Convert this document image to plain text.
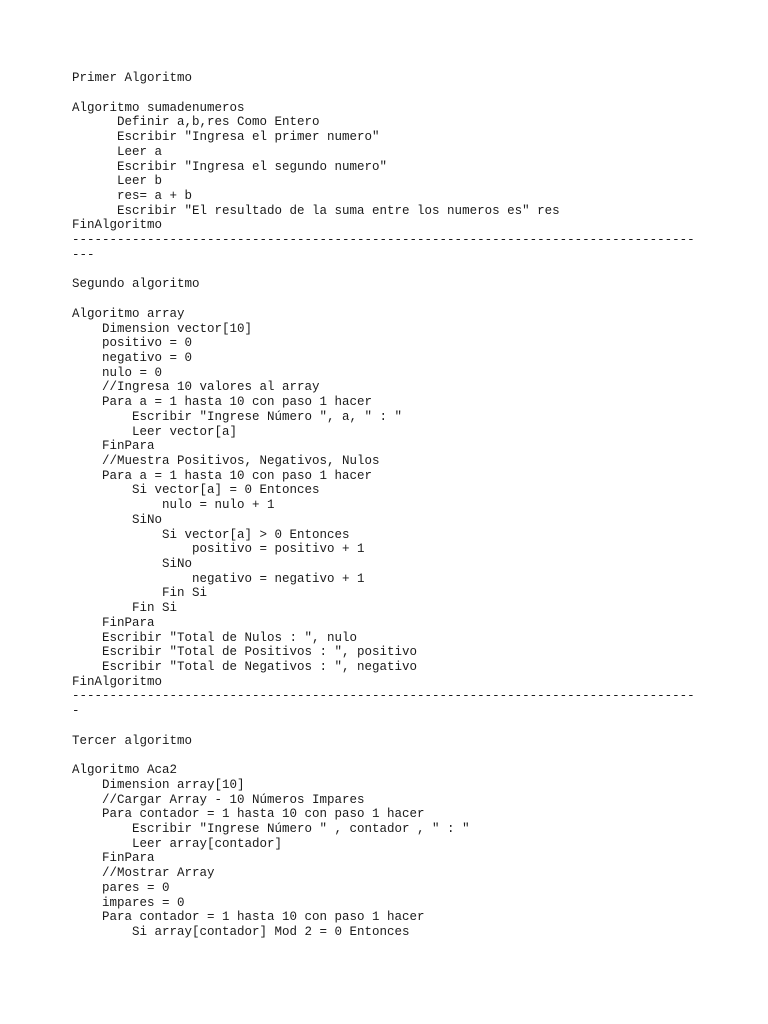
Primer Algoritmo
Algoritmo sumadenumeros
Definir a,b,res Como Entero
Escribir "Ingresa el primer numero"
Leer a
Escribir "Ingresa el segundo numero"
Leer b
res= a + b
Escribir "El resultado de la suma entre los numeros es" res
FinAlgoritmo
-----------------------------------------------------------------------------------
---
Segundo algoritmo
Algoritmo array
Dimension vector[10]
positivo = 0
negativo = 0
nulo = 0
//Ingresa 10 valores al array
Para a = 1 hasta 10 con paso 1 hacer
Escribir "Ingrese Número ", a, " : "
Leer vector[a]
FinPara
//Muestra Positivos, Negativos, Nulos
Para a = 1 hasta 10 con paso 1 hacer
Si vector[a] = 0 Entonces
nulo = nulo + 1
SiNo
Si vector[a] > 0 Entonces
positivo = positivo + 1
SiNo
negativo = negativo + 1
Fin Si
Fin Si
FinPara
Escribir "Total de Nulos : ", nulo
Escribir "Total de Positivos : ", positivo
Escribir "Total de Negativos : ", negativo
FinAlgoritmo
-----------------------------------------------------------------------------------
-
Tercer algoritmo
Algoritmo Aca2
Dimension array[10]
//Cargar Array - 10 Números Impares
Para contador = 1 hasta 10 con paso 1 hacer
Escribir "Ingrese Número " , contador , " : "
Leer array[contador]
FinPara
//Mostrar Array
pares = 0
impares = 0
Para contador = 1 hasta 10 con paso 1 hacer
Si array[contador] Mod 2 = 0 Entonces
